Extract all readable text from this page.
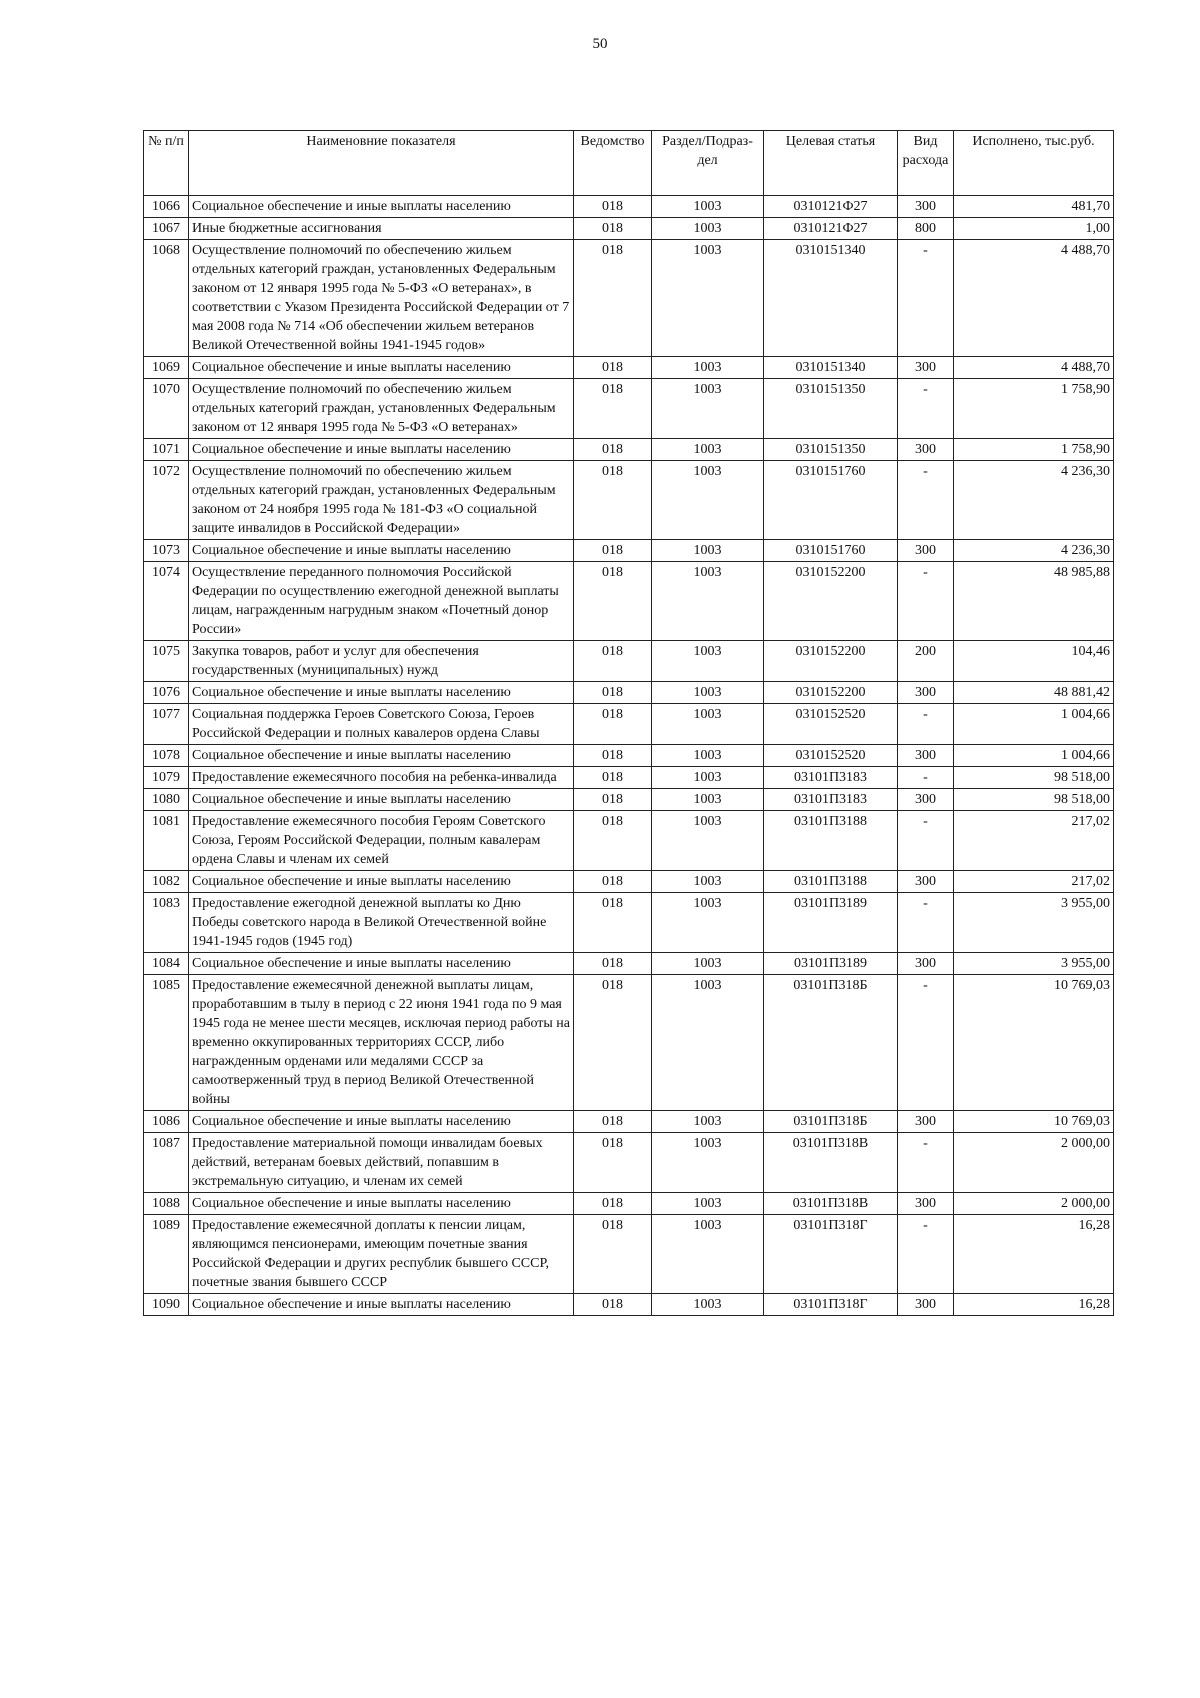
50
№ п/п	Наименовние показателя	Ведомство	Раздел/Подраз-дел	Целевая статья	Вид расхода	Исполнено, тыс.руб.
1066	Социальное обеспечение и иные выплаты населению	018	1003	0310121Ф27	300	481,70
1067	Иные бюджетные ассигнования	018	1003	0310121Ф27	800	1,00
1068	Осуществление полномочий по обеспечению жильем отдельных категорий граждан, установленных Федеральным законом от 12 января 1995 года № 5-ФЗ «О ветеранах», в соответствии с Указом Президента Российской Федерации от 7 мая 2008 года № 714 «Об обеспечении жильем ветеранов Великой Отечественной войны 1941-1945 годов»	018	1003	0310151340	-	4 488,70
1069	Социальное обеспечение и иные выплаты населению	018	1003	0310151340	300	4 488,70
1070	Осуществление полномочий по обеспечению жильем отдельных категорий граждан, установленных Федеральным законом от 12 января 1995 года № 5-ФЗ «О ветеранах»	018	1003	0310151350	-	1 758,90
1071	Социальное обеспечение и иные выплаты населению	018	1003	0310151350	300	1 758,90
1072	Осуществление полномочий по обеспечению жильем отдельных категорий граждан, установленных Федеральным законом от 24 ноября 1995 года № 181-ФЗ «О социальной защите инвалидов в Российской Федерации»	018	1003	0310151760	-	4 236,30
1073	Социальное обеспечение и иные выплаты населению	018	1003	0310151760	300	4 236,30
1074	Осуществление переданного полномочия Российской Федерации по осуществлению ежегодной денежной выплаты лицам, награжденным нагрудным знаком «Почетный донор России»	018	1003	0310152200	-	48 985,88
1075	Закупка товаров, работ и услуг для обеспечения государственных (муниципальных) нужд	018	1003	0310152200	200	104,46
1076	Социальное обеспечение и иные выплаты населению	018	1003	0310152200	300	48 881,42
1077	Социальная поддержка Героев Советского Союза, Героев Российской Федерации и полных кавалеров ордена Славы	018	1003	0310152520	-	1 004,66
1078	Социальное обеспечение и иные выплаты населению	018	1003	0310152520	300	1 004,66
1079	Предоставление ежемесячного пособия на ребенка-инвалида	018	1003	03101П3183	-	98 518,00
1080	Социальное обеспечение и иные выплаты населению	018	1003	03101П3183	300	98 518,00
1081	Предоставление ежемесячного пособия Героям Советского Союза, Героям Российской Федерации, полным кавалерам ордена Славы и членам их семей	018	1003	03101П3188	-	217,02
1082	Социальное обеспечение и иные выплаты населению	018	1003	03101П3188	300	217,02
1083	Предоставление ежегодной денежной выплаты ко Дню Победы советского народа в Великой Отечественной войне 1941-1945 годов (1945 год)	018	1003	03101П3189	-	3 955,00
1084	Социальное обеспечение и иные выплаты населению	018	1003	03101П3189	300	3 955,00
1085	Предоставление ежемесячной денежной выплаты лицам, проработавшим в тылу в период с 22 июня 1941 года по 9 мая 1945 года не менее шести месяцев, исключая период работы на временно оккупированных территориях СССР, либо награжденным орденами или медалями СССР за самоотверженный труд в период Великой Отечественной войны	018	1003	03101П318Б	-	10 769,03
1086	Социальное обеспечение и иные выплаты населению	018	1003	03101П318Б	300	10 769,03
1087	Предоставление материальной помощи инвалидам боевых действий, ветеранам боевых действий, попавшим в экстремальную ситуацию, и членам их семей	018	1003	03101П318В	-	2 000,00
1088	Социальное обеспечение и иные выплаты населению	018	1003	03101П318В	300	2 000,00
1089	Предоставление ежемесячной доплаты к пенсии лицам, являющимся пенсионерами, имеющим почетные звания Российской Федерации и других республик бывшего СССР, почетные звания бывшего СССР	018	1003	03101П318Г	-	16,28
1090	Социальное обеспечение и иные выплаты населению	018	1003	03101П318Г	300	16,28
